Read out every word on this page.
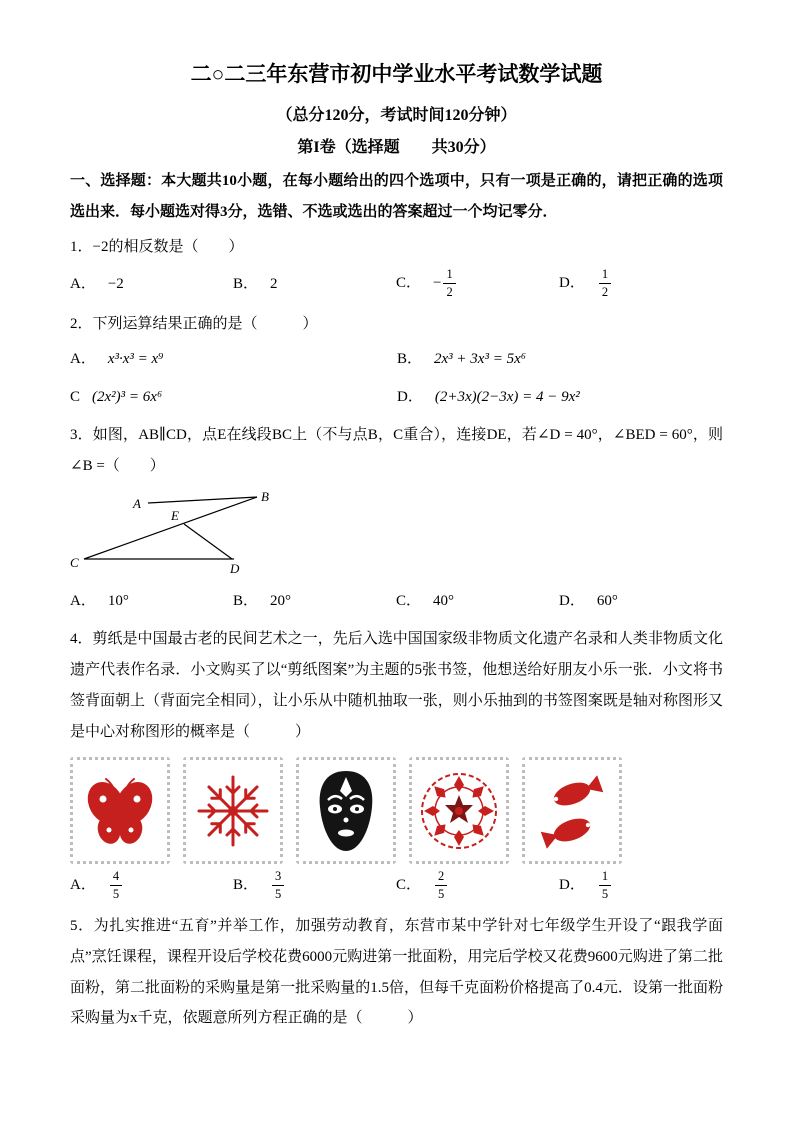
二○二三年东营市初中学业水平考试数学试题
（总分120分，考试时间120分钟）
第I卷（选择题　　共30分）

一、选择题：本大题共10小题，在每小题给出的四个选项中，只有一项是正确的，请把正确的选项选出来．每小题选对得3分，选错、不选或选出的答案超过一个均记零分．

1．−2的相反数是（　　）

A． −2	B． 2	C． − $\frac{1}{2}$	D． $\frac{1}{2}$

2．下列运算结果正确的是（　　　）

A． x³·x³ = x⁹	B． 2x³ + 3x³ = 5x⁶
C (2x²)³ = 6x⁶	D． (2+3x)(2−3x) = 4 − 9x²

3．如图，AB∥CD，点E在线段BC上（不与点B，C重合），连接DE，若∠D = 40°，∠BED = 60°，则∠B =（　　）

A	B
E
C	D
A． 10°	B． 20°	C． 40°	D． 60°

4．剪纸是中国最古老的民间艺术之一，先后入选中国国家级非物质文化遗产名录和人类非物质文化遗产代表作名录．小文购买了以“剪纸图案”为主题的5张书签，他想送给好朋友小乐一张．小文将书签背面朝上（背面完全相同），让小乐从中随机抽取一张，则小乐抽到的书签图案既是轴对称图形又是中心对称图形的概率是（　　　）

A． $\frac{4}{5}$	B． $\frac{3}{5}$	C． $\frac{2}{5}$	D． $\frac{1}{5}$

5．为扎实推进“五育”并举工作，加强劳动教育，东营市某中学针对七年级学生开设了“跟我学面点”烹饪课程，课程开设后学校花费6000元购进第一批面粉，用完后学校又花费9600元购进了第二批面粉，第二批面粉的采购量是第一批采购量的1.5倍，但每千克面粉价格提高了0.4元．设第一批面粉采购量为x千克，依题意所列方程正确的是（　　　）
